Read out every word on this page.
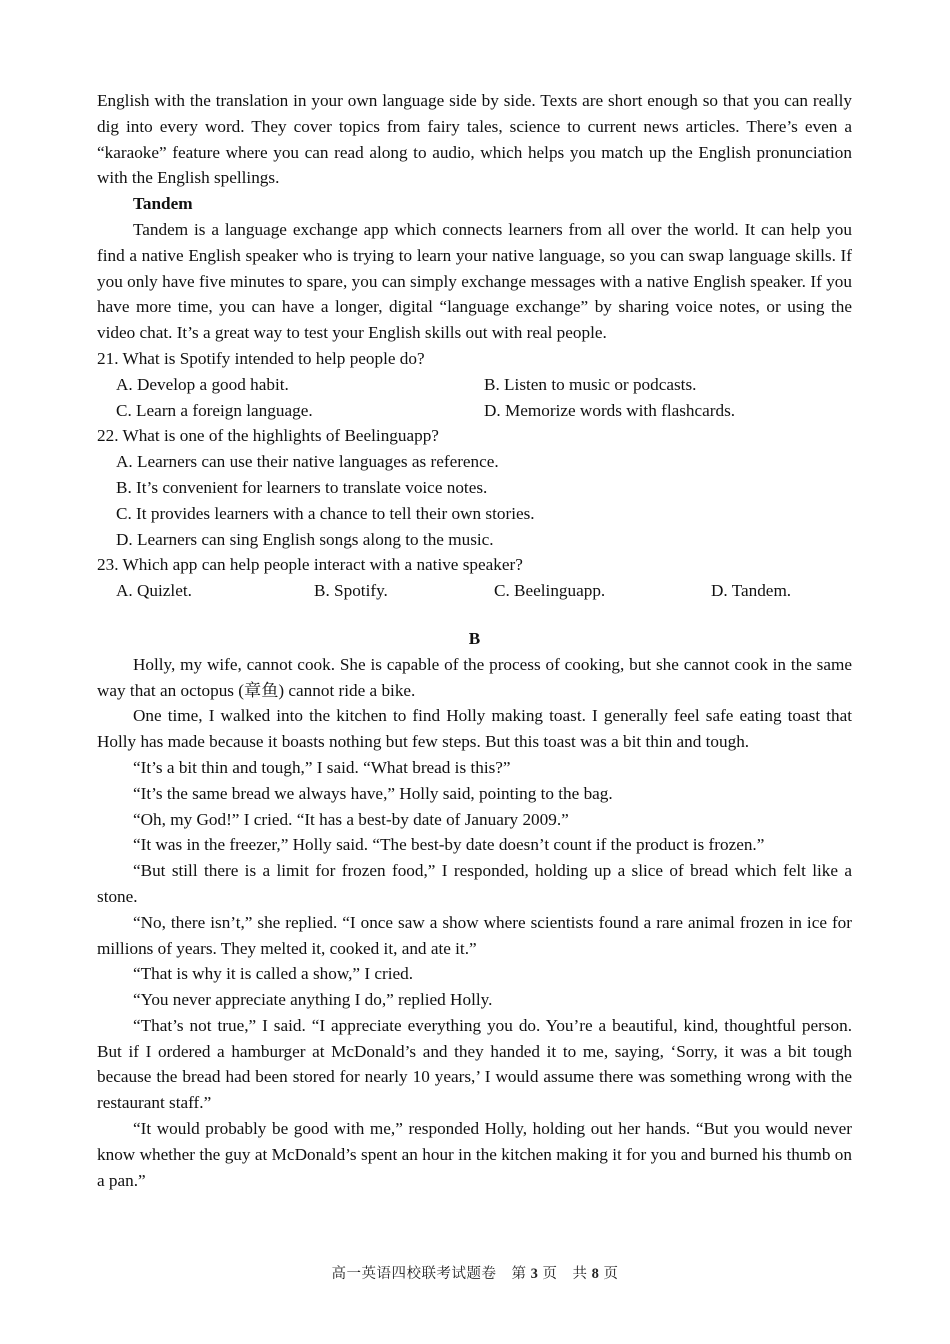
English with the translation in your own language side by side. Texts are short enough so that you can really dig into every word. They cover topics from fairy tales, science to current news articles. There’s even a “karaoke” feature where you can read along to audio, which helps you match up the English pronunciation with the English spellings.

Tandem

Tandem is a language exchange app which connects learners from all over the world. It can help you find a native English speaker who is trying to learn your native language, so you can swap language skills. If you only have five minutes to spare, you can simply exchange messages with a native English speaker. If you have more time, you can have a longer, digital “language exchange” by sharing voice notes, or using the video chat. It’s a great way to test your English skills out with real people.

21. What is Spotify intended to help people do?

A. Develop a good habit.	B. Listen to music or podcasts.
C. Learn a foreign language.	D. Memorize words with flashcards.

22. What is one of the highlights of Beelinguapp?

A. Learners can use their native languages as reference.

B. It’s convenient for learners to translate voice notes.

C. It provides learners with a chance to tell their own stories.

D. Learners can sing English songs along to the music.

23. Which app can help people interact with a native speaker?

A. Quizlet.	B. Spotify.	C. Beelinguapp.	D. Tandem.

B

Holly, my wife, cannot cook. She is capable of the process of cooking, but she cannot cook in the same way that an octopus (章鱼) cannot ride a bike.

One time, I walked into the kitchen to find Holly making toast. I generally feel safe eating toast that Holly has made because it boasts nothing but few steps. But this toast was a bit thin and tough.

“It’s a bit thin and tough,” I said. “What bread is this?”

“It’s the same bread we always have,” Holly said, pointing to the bag.

“Oh, my God!” I cried. “It has a best-by date of January 2009.”

“It was in the freezer,” Holly said. “The best-by date doesn’t count if the product is frozen.”

“But still there is a limit for frozen food,” I responded, holding up a slice of bread which felt like a stone.

“No, there isn’t,” she replied. “I once saw a show where scientists found a rare animal frozen in ice for millions of years. They melted it, cooked it, and ate it.”

“That is why it is called a show,” I cried.

“You never appreciate anything I do,” replied Holly.

“That’s not true,” I said. “I appreciate everything you do. You’re a beautiful, kind, thoughtful person. But if I ordered a hamburger at McDonald’s and they handed it to me, saying, ‘Sorry, it was a bit tough because the bread had been stored for nearly 10 years,’ I would assume there was something wrong with the restaurant staff.”

“It would probably be good with me,” responded Holly, holding out her hands. “But you would never know whether the guy at McDonald’s spent an hour in the kitchen making it for you and burned his thumb on a pan.”

高一英语四校联考试题卷　第 3 页　共 8 页
